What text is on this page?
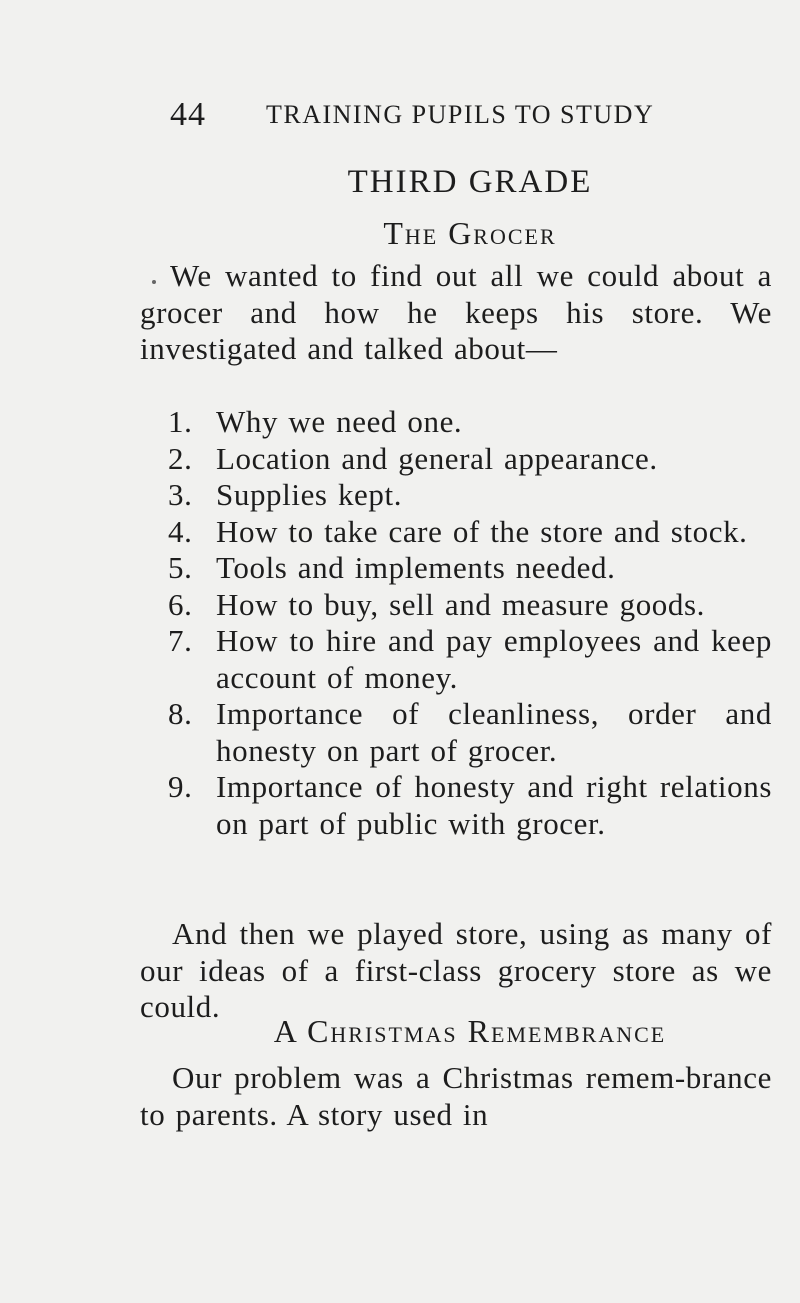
44 TRAINING PUPILS TO STUDY
THIRD GRADE
The Grocer

We wanted to find out all we could about a grocer and how he keeps his store. We investigated and talked about—

1. Why we need one.
2. Location and general appearance.
3. Supplies kept.
4. How to take care of the store and stock.
5. Tools and implements needed.
6. How to buy, sell and measure goods.
7. How to hire and pay employees and keep account of money.
8. Importance of cleanliness, order and honesty on part of grocer.
9. Importance of honesty and right relations on part of public with grocer.

And then we played store, using as many of our ideas of a first-class grocery store as we could.

A Christmas Remembrance

Our problem was a Christmas remem-brance to parents. A story used in
